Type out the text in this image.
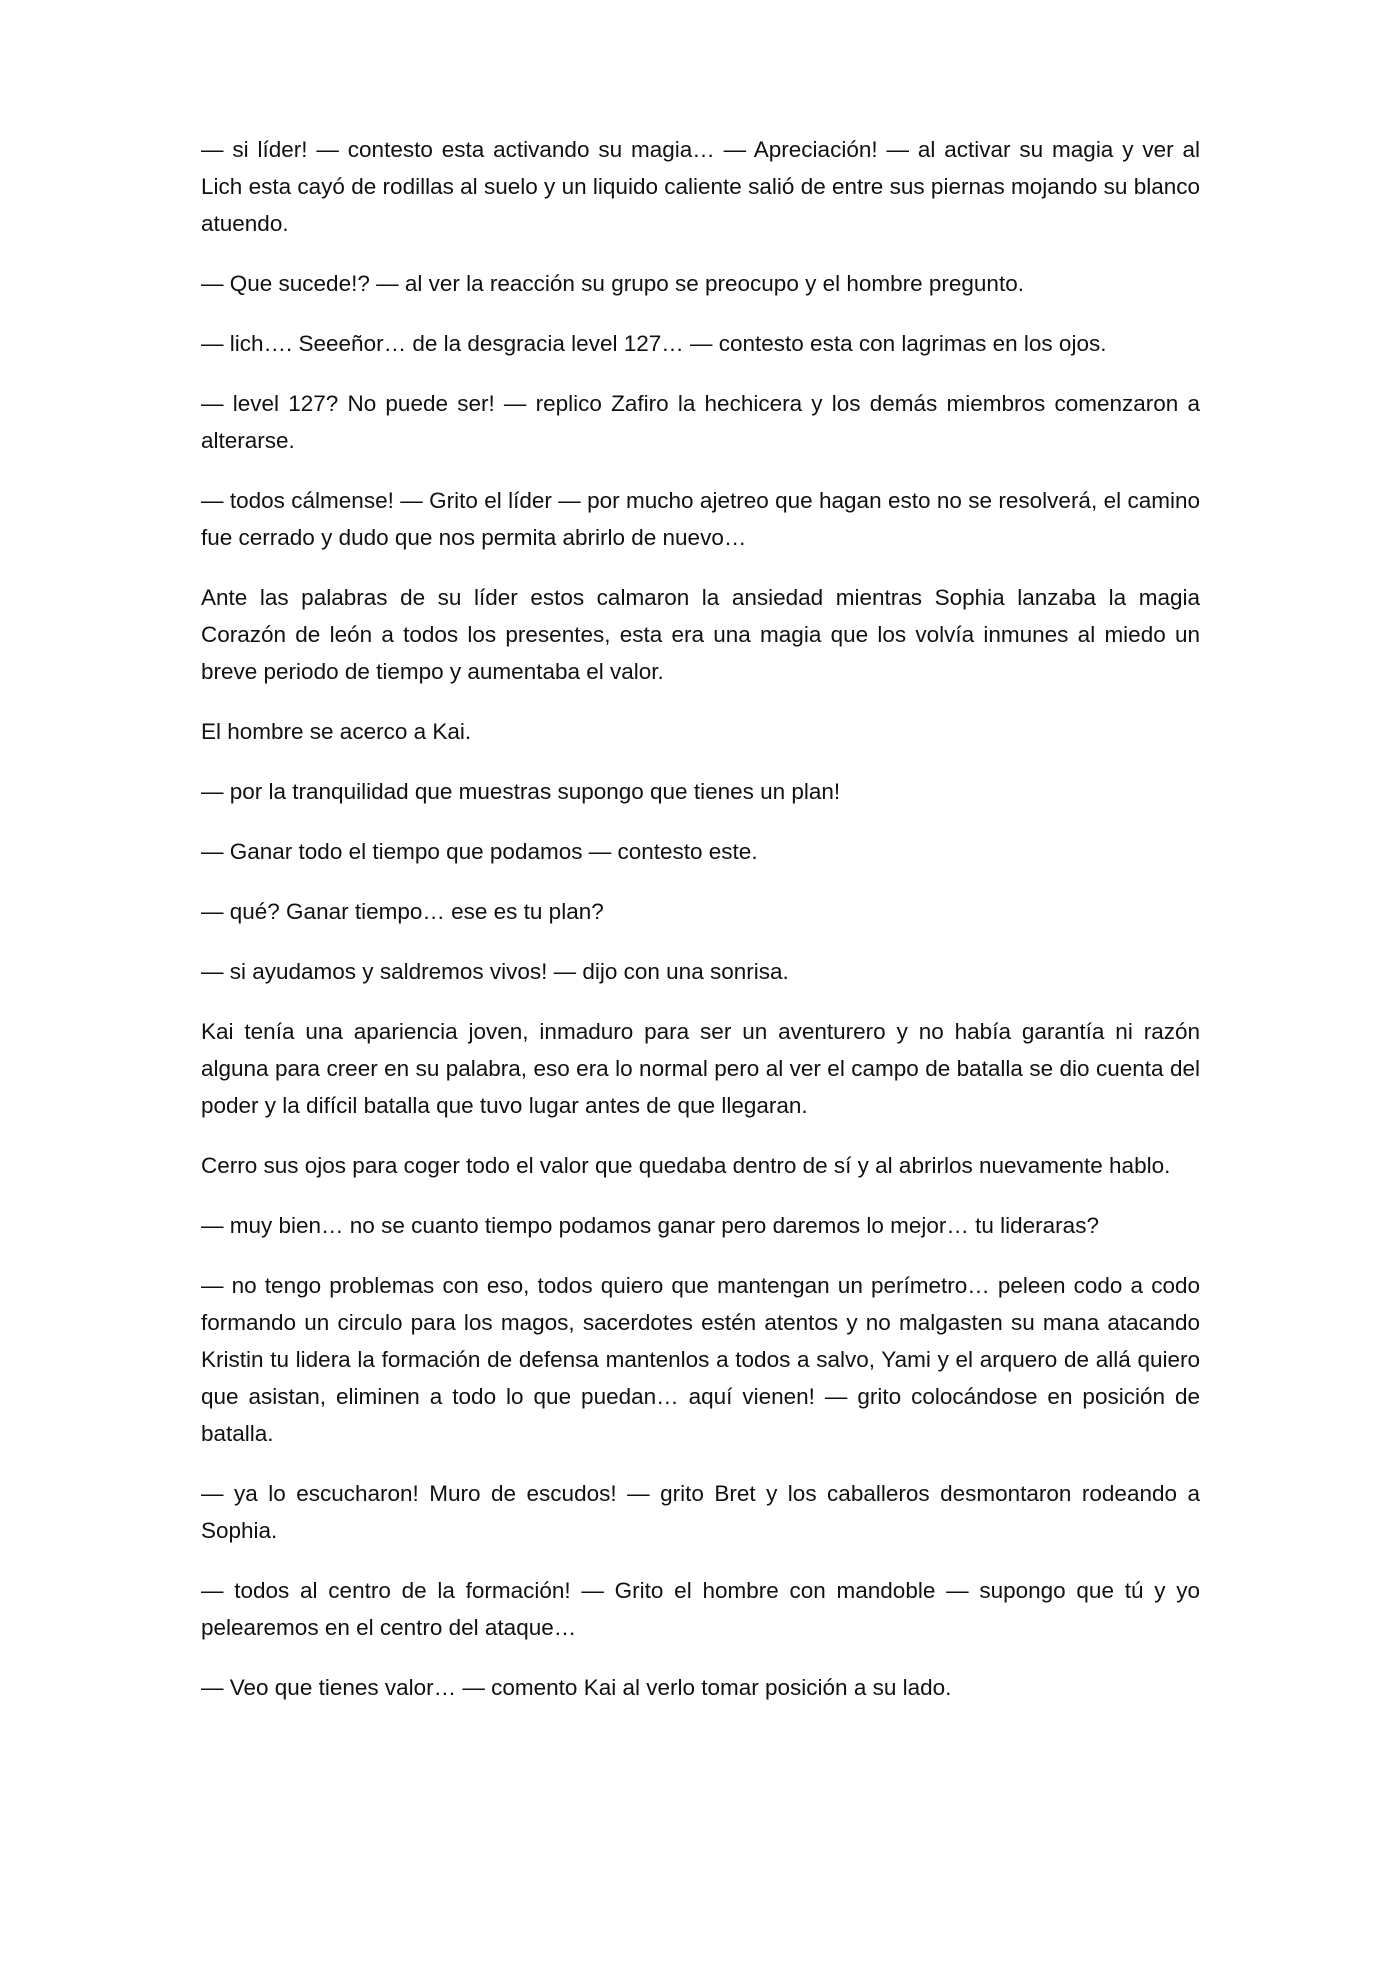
— si líder! — contesto esta activando su magia… — Apreciación! — al activar su magia y ver al Lich esta cayó de rodillas al suelo y un liquido caliente salió de entre sus piernas mojando su blanco atuendo.

— Que sucede!? — al ver la reacción su grupo se preocupo y el hombre pregunto.

— lich…. Seeeñor… de la desgracia level 127… — contesto esta con lagrimas en los ojos.

— level 127? No puede ser! — replico Zafiro la hechicera y los demás miembros comenzaron a alterarse.

— todos cálmense! — Grito el líder — por mucho ajetreo que hagan esto no se resolverá, el camino fue cerrado y dudo que nos permita abrirlo de nuevo…

Ante las palabras de su líder estos calmaron la ansiedad mientras Sophia lanzaba la magia Corazón de león a todos los presentes, esta era una magia que los volvía inmunes al miedo un breve periodo de tiempo y aumentaba el valor.

El hombre se acerco a Kai.

— por la tranquilidad que muestras supongo que tienes un plan!

— Ganar todo el tiempo que podamos — contesto este.

— qué? Ganar tiempo… ese es tu plan?

— si ayudamos y saldremos vivos! — dijo con una sonrisa.

Kai tenía una apariencia joven, inmaduro para ser un aventurero y no había garantía ni razón alguna para creer en su palabra, eso era lo normal pero al ver el campo de batalla se dio cuenta del poder y la difícil batalla que tuvo lugar antes de que llegaran.

Cerro sus ojos para coger todo el valor que quedaba dentro de sí y al abrirlos nuevamente hablo.

— muy bien… no se cuanto tiempo podamos ganar pero daremos lo mejor… tu lideraras?

— no tengo problemas con eso, todos quiero que mantengan un perímetro… peleen codo a codo formando un circulo para los magos, sacerdotes estén atentos y no malgasten su mana atacando Kristin tu lidera la formación de defensa mantenlos a todos a salvo, Yami y el arquero de allá quiero que asistan, eliminen a todo lo que puedan… aquí vienen! — grito colocándose en posición de batalla.

— ya lo escucharon! Muro de escudos! — grito Bret y los caballeros desmontaron rodeando a Sophia.

— todos al centro de la formación! — Grito el hombre con mandoble — supongo que tú y yo pelearemos en el centro del ataque…

— Veo que tienes valor… — comento Kai al verlo tomar posición a su lado.
